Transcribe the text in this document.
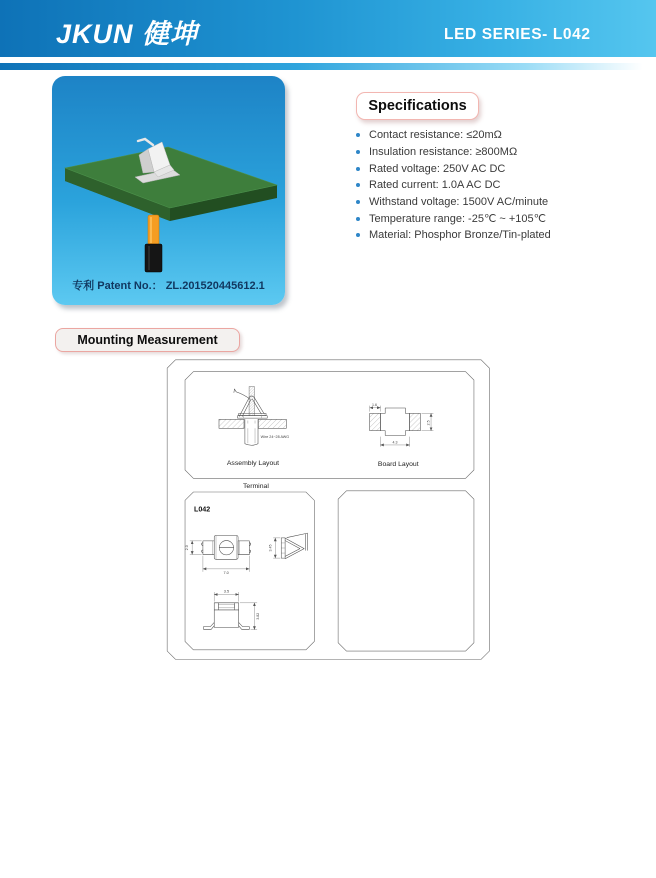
JKUN 健坤	LED SERIES- L042
专利 Patent No.： ZL.201520445612.1
Specifications
Contact resistance: ≤20mΩ
Insulation resistance: ≥800MΩ
Rated voltage: 250V AC DC
Rated current: 1.0A AC DC
Withstand voltage: 1500V AC/minute
Temperature range: -25℃ ~ +105℃
Material: Phosphor Bronze/Tin-plated
Mounting Measurement
Wire 24~28 AWG
Assembly Layout
1.6
4.3
2.5
Board Layout
Terminal
L042
2.0
7.0
3.45
3.5
3.82
